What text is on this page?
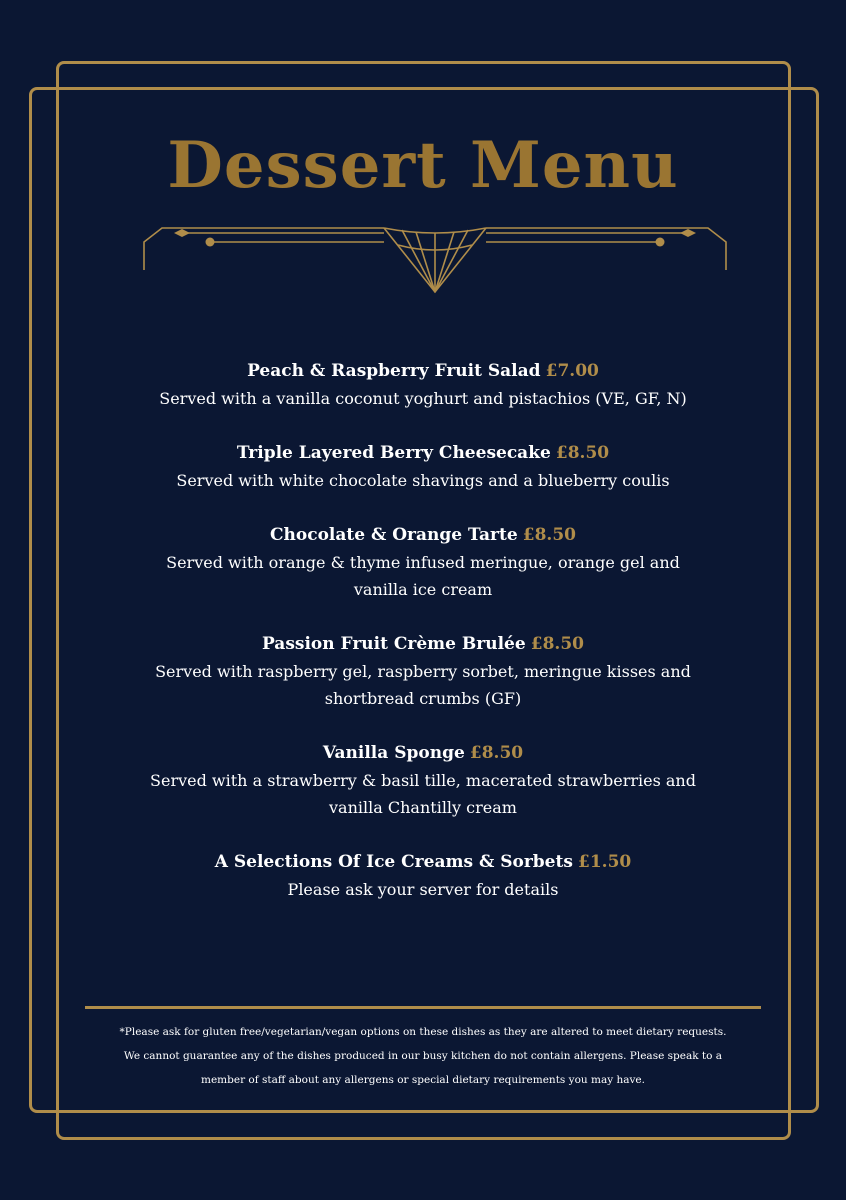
Dessert Menu
Peach & Raspberry Fruit Salad £7.00

Served with a vanilla coconut yoghurt and pistachios (VE, GF, N)

Triple Layered Berry Cheesecake £8.50

Served with white chocolate shavings and a blueberry coulis

Chocolate & Orange Tarte £8.50

Served with orange & thyme infused meringue, orange gel and vanilla ice cream

Passion Fruit Crème Brulée £8.50

Served with raspberry gel, raspberry sorbet, meringue kisses and shortbread crumbs (GF)

Vanilla Sponge £8.50

Served with a strawberry & basil tille, macerated strawberries and vanilla Chantilly cream

A Selections Of Ice Creams & Sorbets £1.50

Please ask your server for details

*Please ask for gluten free/vegetarian/vegan options on these dishes as they are altered to meet dietary requests.
We cannot guarantee any of the dishes produced in our busy kitchen do not contain allergens. Please speak to a
member of staff about any allergens or special dietary requirements you may have.
